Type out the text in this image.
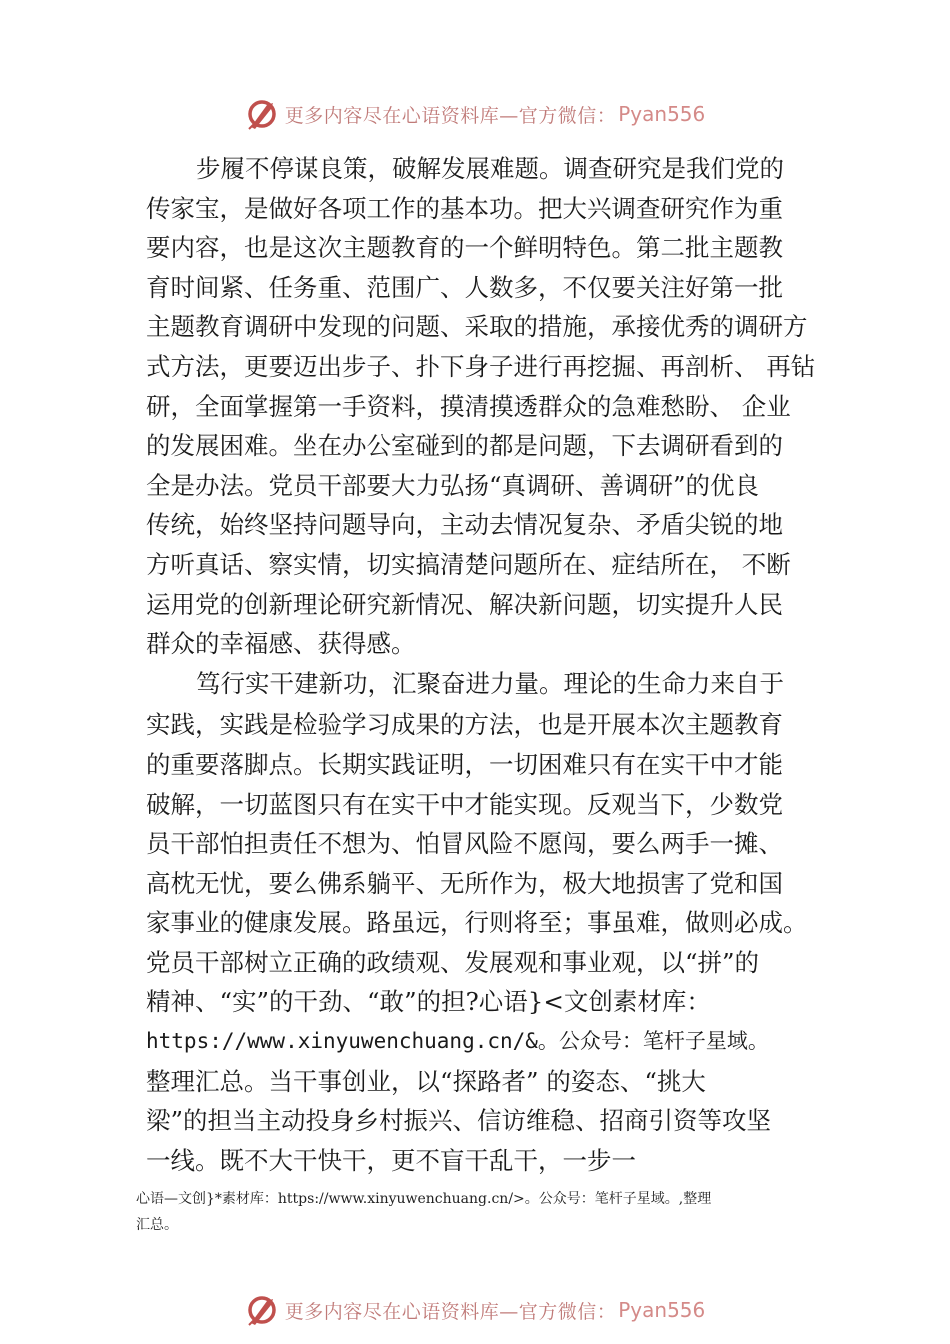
更多内容尽在心语资料库—官方微信： Pyan556
步履不停谋良策，破解发展难题。调查研究是我们党的
传家宝，是做好各项工作的基本功。把大兴调查研究作为重
要内容，也是这次主题教育的一个鲜明特色。第二批主题教
育时间紧、任务重、范围广、人数多，不仅要关注好第一批
主题教育调研中发现的问题、采取的措施，承接优秀的调研方
式方法，更要迈出步子、扑下身子进行再挖掘、再剖析、 再钻
研，全面掌握第一手资料，摸清摸透群众的急难愁盼、 企业
的发展困难。坐在办公室碰到的都是问题，下去调研看到的
全是办法。党员干部要大力弘扬“真调研、善调研”的优良
传统，始终坚持问题导向，主动去情况复杂、矛盾尖锐的地
方听真话、察实情，切实搞清楚问题所在、症结所在， 不断
运用党的创新理论研究新情况、解决新问题，切实提升人民
群众的幸福感、获得感。
笃行实干建新功，汇聚奋进力量。理论的生命力来自于
实践，实践是检验学习成果的方法，也是开展本次主题教育
的重要落脚点。长期实践证明，一切困难只有在实干中才能
破解，一切蓝图只有在实干中才能实现。反观当下，少数党
员干部怕担责任不想为、怕冒风险不愿闯，要么两手一摊、
高枕无忧，要么佛系躺平、无所作为，极大地损害了党和国
家事业的健康发展。路虽远，行则将至；事虽难，做则必成。
党员干部树立正确的政绩观、发展观和事业观，以“拼”的
精神、“实”的干劲、“敢”的担?心语}<文创素材库：
https://www.xinyuwenchuang.cn/&。公众号：笔杆子星域。
整理汇总。当干事创业，以“探路者” 的姿态、“挑大
梁”的担当主动投身乡村振兴、信访维稳、招商引资等攻坚
一线。既不大干快干，更不盲干乱干，一步一
心语—文创}*素材库：https://www.xinyuwenchuang.cn/>。公众号：笔杆子星域。,整理
汇总。
更多内容尽在心语资料库—官方微信： Pyan556
